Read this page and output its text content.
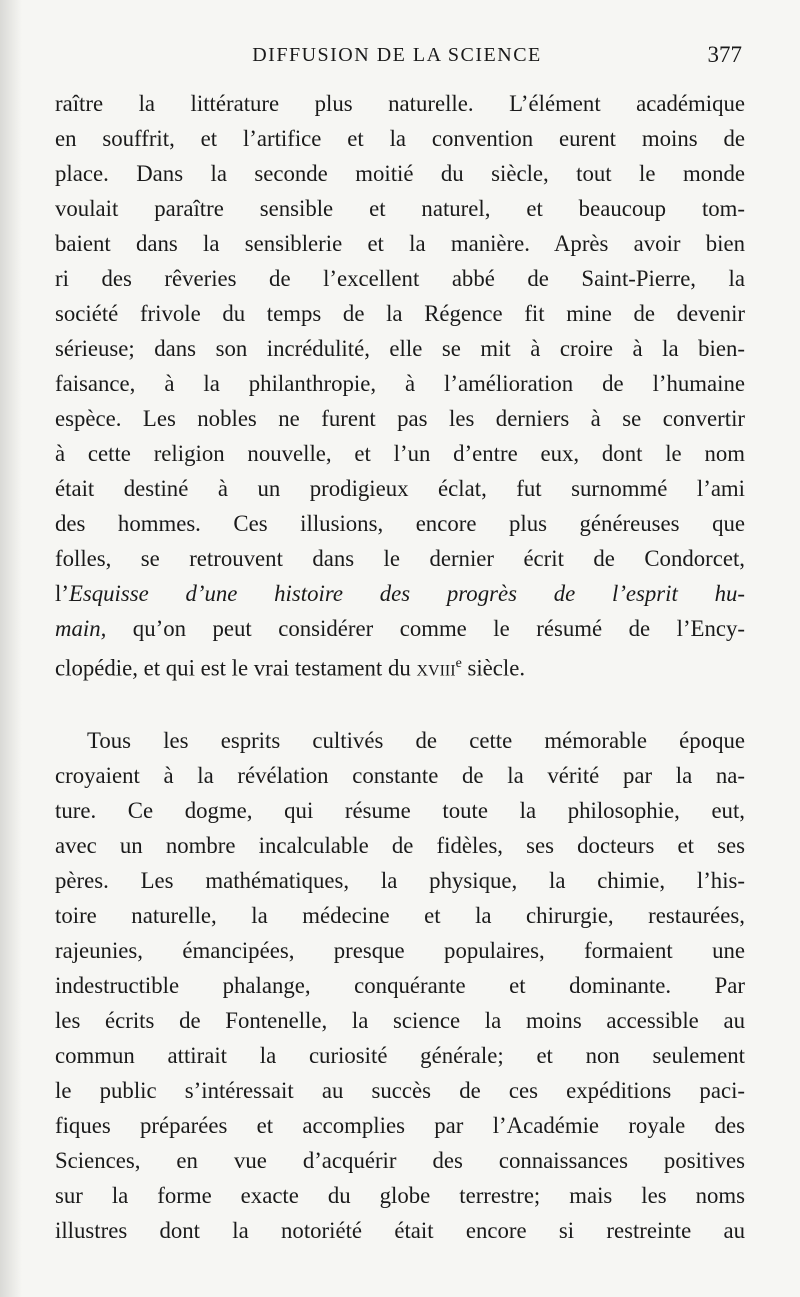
DIFFUSION DE LA SCIENCE	377
raître la littérature plus naturelle. L’élément académique
en souffrit, et l’artifice et la convention eurent moins de
place. Dans la seconde moitié du siècle, tout le monde
voulait paraître sensible et naturel, et beaucoup tom-
baient dans la sensiblerie et la manière. Après avoir bien
ri des rêveries de l’excellent abbé de Saint-Pierre, la
société frivole du temps de la Régence fit mine de devenir
sérieuse; dans son incrédulité, elle se mit à croire à la bien-
faisance, à la philanthropie, à l’amélioration de l’humaine
espèce. Les nobles ne furent pas les derniers à se convertir
à cette religion nouvelle, et l’un d’entre eux, dont le nom
était destiné à un prodigieux éclat, fut surnommé l’ami
des hommes. Ces illusions, encore plus généreuses que
folles, se retrouvent dans le dernier écrit de Condorcet,
l’Esquisse d’une histoire des progrès de l’esprit hu-
main, qu’on peut considérer comme le résumé de l’Ency-
clopédie, et qui est le vrai testament du xviii$^e$ siècle.
Tous les esprits cultivés de cette mémorable époque
croyaient à la révélation constante de la vérité par la na-
ture. Ce dogme, qui résume toute la philosophie, eut,
avec un nombre incalculable de fidèles, ses docteurs et ses
pères. Les mathématiques, la physique, la chimie, l’his-
toire naturelle, la médecine et la chirurgie, restaurées,
rajeunies, émancipées, presque populaires, formaient une
indestructible phalange, conquérante et dominante. Par
les écrits de Fontenelle, la science la moins accessible au
commun attirait la curiosité générale; et non seulement
le public s’intéressait au succès de ces expéditions paci-
fiques préparées et accomplies par l’Académie royale des
Sciences, en vue d’acquérir des connaissances positives
sur la forme exacte du globe terrestre; mais les noms
illustres dont la notoriété était encore si restreinte au
